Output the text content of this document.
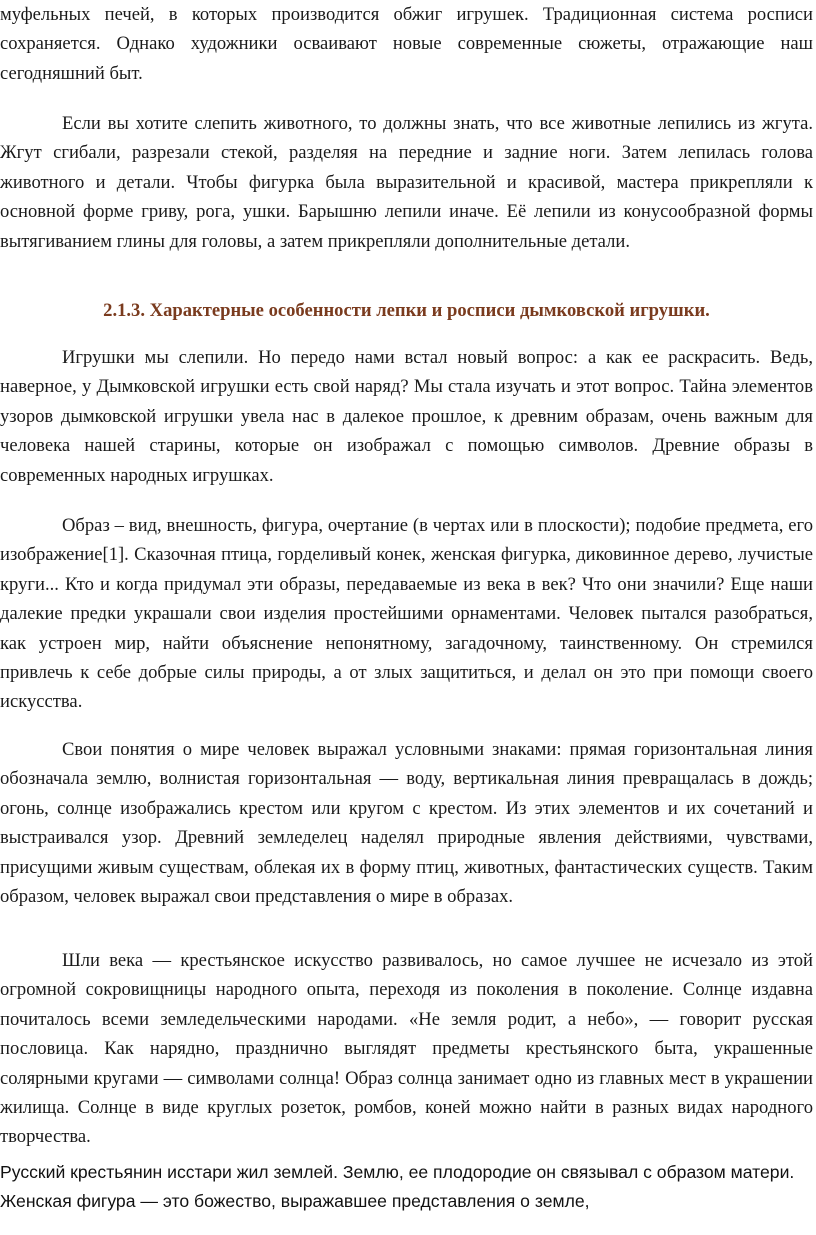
муфельных печей, в которых производится обжиг игрушек. Традиционная система росписи сохраняется. Однако художники осваивают новые современные сюжеты, отражающие наш сегодняшний быт.

Если вы хотите слепить животного, то должны знать, что все животные лепились из жгута. Жгут сгибали, разрезали стекой, разделяя на передние и задние ноги. Затем лепилась голова животного и детали. Чтобы фигурка была выразительной и красивой, мастера прикрепляли к основной форме гриву, рога, ушки. Барышню лепили иначе. Её лепили из конусообразной формы вытягиванием глины для головы, а затем прикрепляли дополнительные детали.

2.1.3. Характерные особенности лепки и росписи дымковской игрушки.

Игрушки мы слепили. Но передо нами встал новый вопрос: а как ее раскрасить. Ведь, наверное, у Дымковской игрушки есть свой наряд? Мы стала изучать и этот вопрос. Тайна элементов узоров дымковской игрушки увела нас в далекое прошлое, к древним образам, очень важным для человека нашей старины, которые он изображал с помощью символов. Древние образы в современных народных игрушках.

Образ – вид, внешность, фигура, очертание (в чертах или в плоскости); подобие предмета, его изображение[1]. Сказочная птица, горделивый конек, женская фигурка, диковинное дерево, лучистые круги... Кто и когда придумал эти образы, передаваемые из века в век? Что они значили? Еще наши далекие предки украшали свои изделия простейшими орнаментами. Человек пытался разобраться, как устроен мир, найти объяснение непонятному, загадочному, таинственному. Он стремился привлечь к себе добрые силы природы, а от злых защититься, и делал он это при помощи своего искусства.

Свои понятия о мире человек выражал условными знаками: прямая горизонтальная линия обозначала землю, волнистая горизонтальная — воду, вертикальная линия превращалась в дождь; огонь, солнце изображались крестом или кругом с крестом. Из этих элементов и их сочетаний и выстраивался узор. Древний земледелец наделял природные явления действиями, чувствами, присущими живым существам, облекая их в форму птиц, животных, фантастических существ. Таким образом, человек выражал свои представления о мире в образах.

Шли века — крестьянское искусство развивалось, но самое лучшее не исчезало из этой огромной сокровищницы народного опыта, переходя из поколения в поколение. Солнце издавна почиталось всеми земледельческими народами. «Не земля родит, а небо», — говорит русская пословица. Как нарядно, празднично выглядят предметы крестьянского быта, украшенные солярными кругами — символами солнца! Образ солнца занимает одно из главных мест в украшении жилища. Солнце в виде круглых розеток, ромбов, коней можно найти в разных видах народного творчества.

Русский крестьянин исстари жил землей. Землю, ее плодородие он связывал с образом матери. Женская фигура — это божество, выражавшее представления о земле,
